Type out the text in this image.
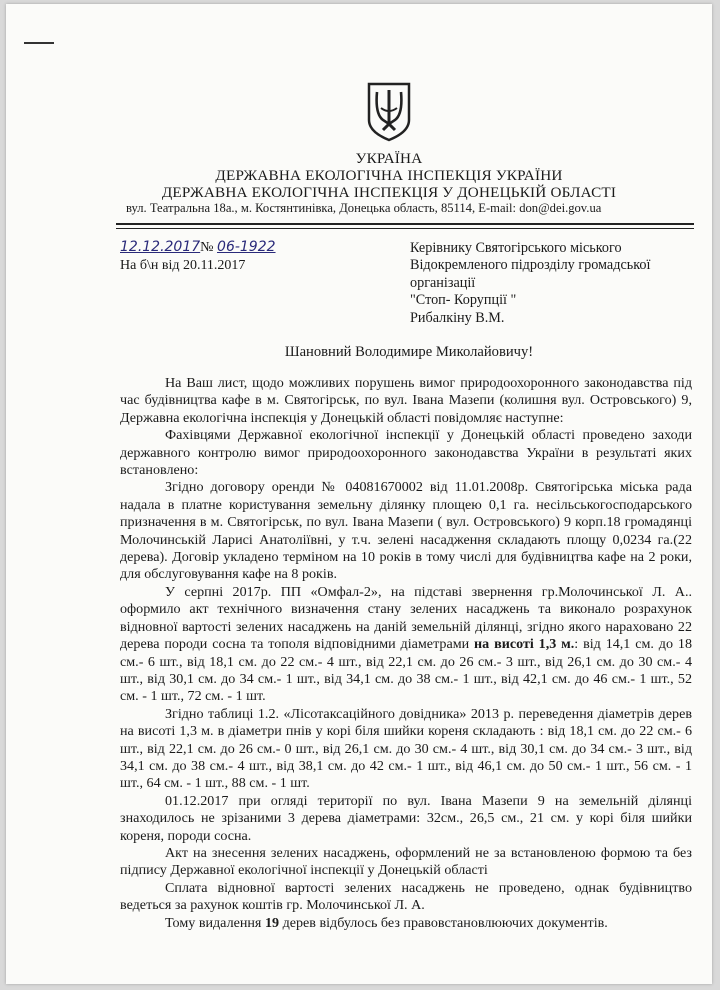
УКРАЇНА
ДЕРЖАВНА ЕКОЛОГІЧНА ІНСПЕКЦІЯ УКРАЇНИ
ДЕРЖАВНА ЕКОЛОГІЧНА ІНСПЕКЦІЯ У ДОНЕЦЬКІЙ ОБЛАСТІ
вул. Театральна 18а., м. Костянтинівка, Донецька область, 85114, E-mail: don@dei.gov.ua
12.12.2017№ 06-1922
На б\н від 20.11.2017
Керівнику Святогірського міського
Відокремленого підрозділу громадської
організації
"Стоп- Корупції "
Рибалкіну В.М.
Шановний Володимире Миколайовичу!

На Ваш лист, щодо можливих порушень вимог природоохоронного законодавства під час будівництва кафе в м. Святогірськ, по вул. Івана Мазепи (колишня вул. Островського) 9, Державна екологічна інспекція у Донецькій області повідомляє наступне:

Фахівцями Державної екологічної інспекції у Донецькій області проведено заходи державного контролю вимог природоохоронного законодавства України в результаті яких встановлено:

Згідно договору оренди № 04081670002 від 11.01.2008р. Святогірська міська рада надала в платне користування земельну ділянку площею 0,1 га. несільськогосподарського призначення в м. Святогірськ, по вул. Івана Мазепи ( вул. Островського) 9 корп.18 громадянці Молочинській Ларисі Анатоліївні, у т.ч. зелені насадження складають площу 0,0234 га.(22 дерева). Договір укладено терміном на 10 років в тому числі для будівництва кафе на 2 роки, для обслуговування кафе на 8 років.

У серпні 2017р. ПП «Омфал-2», на підставі звернення гр.Молочинської Л. А.. оформило акт технічного визначення стану зелених насаджень та виконало розрахунок відновної вартості зелених насаджень на даній земельній ділянці, згідно якого нараховано 22 дерева породи сосна та тополя відповідними діаметрами на висоті 1,3 м.: від 14,1 см. до 18 см.- 6 шт., від 18,1 см. до 22 см.- 4 шт., від 22,1 см. до 26 см.- 3 шт., від 26,1 см. до 30 см.- 4 шт., від 30,1 см. до 34 см.- 1 шт., від 34,1 см. до 38 см.- 1 шт., від 42,1 см. до 46 см.- 1 шт., 52 см. - 1 шт., 72 см. - 1 шт.

Згідно таблиці 1.2. «Лісотаксаційного довідника» 2013 р. переведення діаметрів дерев на висоті 1,3 м. в діаметри пнів у корі біля шийки кореня складають : від 18,1 см. до 22 см.- 6 шт., від 22,1 см. до 26 см.- 0 шт., від 26,1 см. до 30 см.- 4 шт., від 30,1 см. до 34 см.- 3 шт., від 34,1 см. до 38 см.- 4 шт., від 38,1 см. до 42 см.- 1 шт., від 46,1 см. до 50 см.- 1 шт., 56 см. - 1 шт., 64 см. - 1 шт., 88 см. - 1 шт.

01.12.2017 при огляді території по вул. Івана Мазепи 9 на земельній ділянці знаходилось не зрізаними 3 дерева діаметрами: 32см., 26,5 см., 21 см. у корі біля шийки кореня, породи сосна.

Акт на знесення зелених насаджень, оформлений не за встановленою формою та без підпису Державної екологічної інспекції у Донецькій області

Сплата відновної вартості зелених насаджень не проведено, однак будівництво ведеться за рахунок коштів гр. Молочинської Л. А.

Тому видалення 19 дерев відбулось без правовстановлюючих документів.
